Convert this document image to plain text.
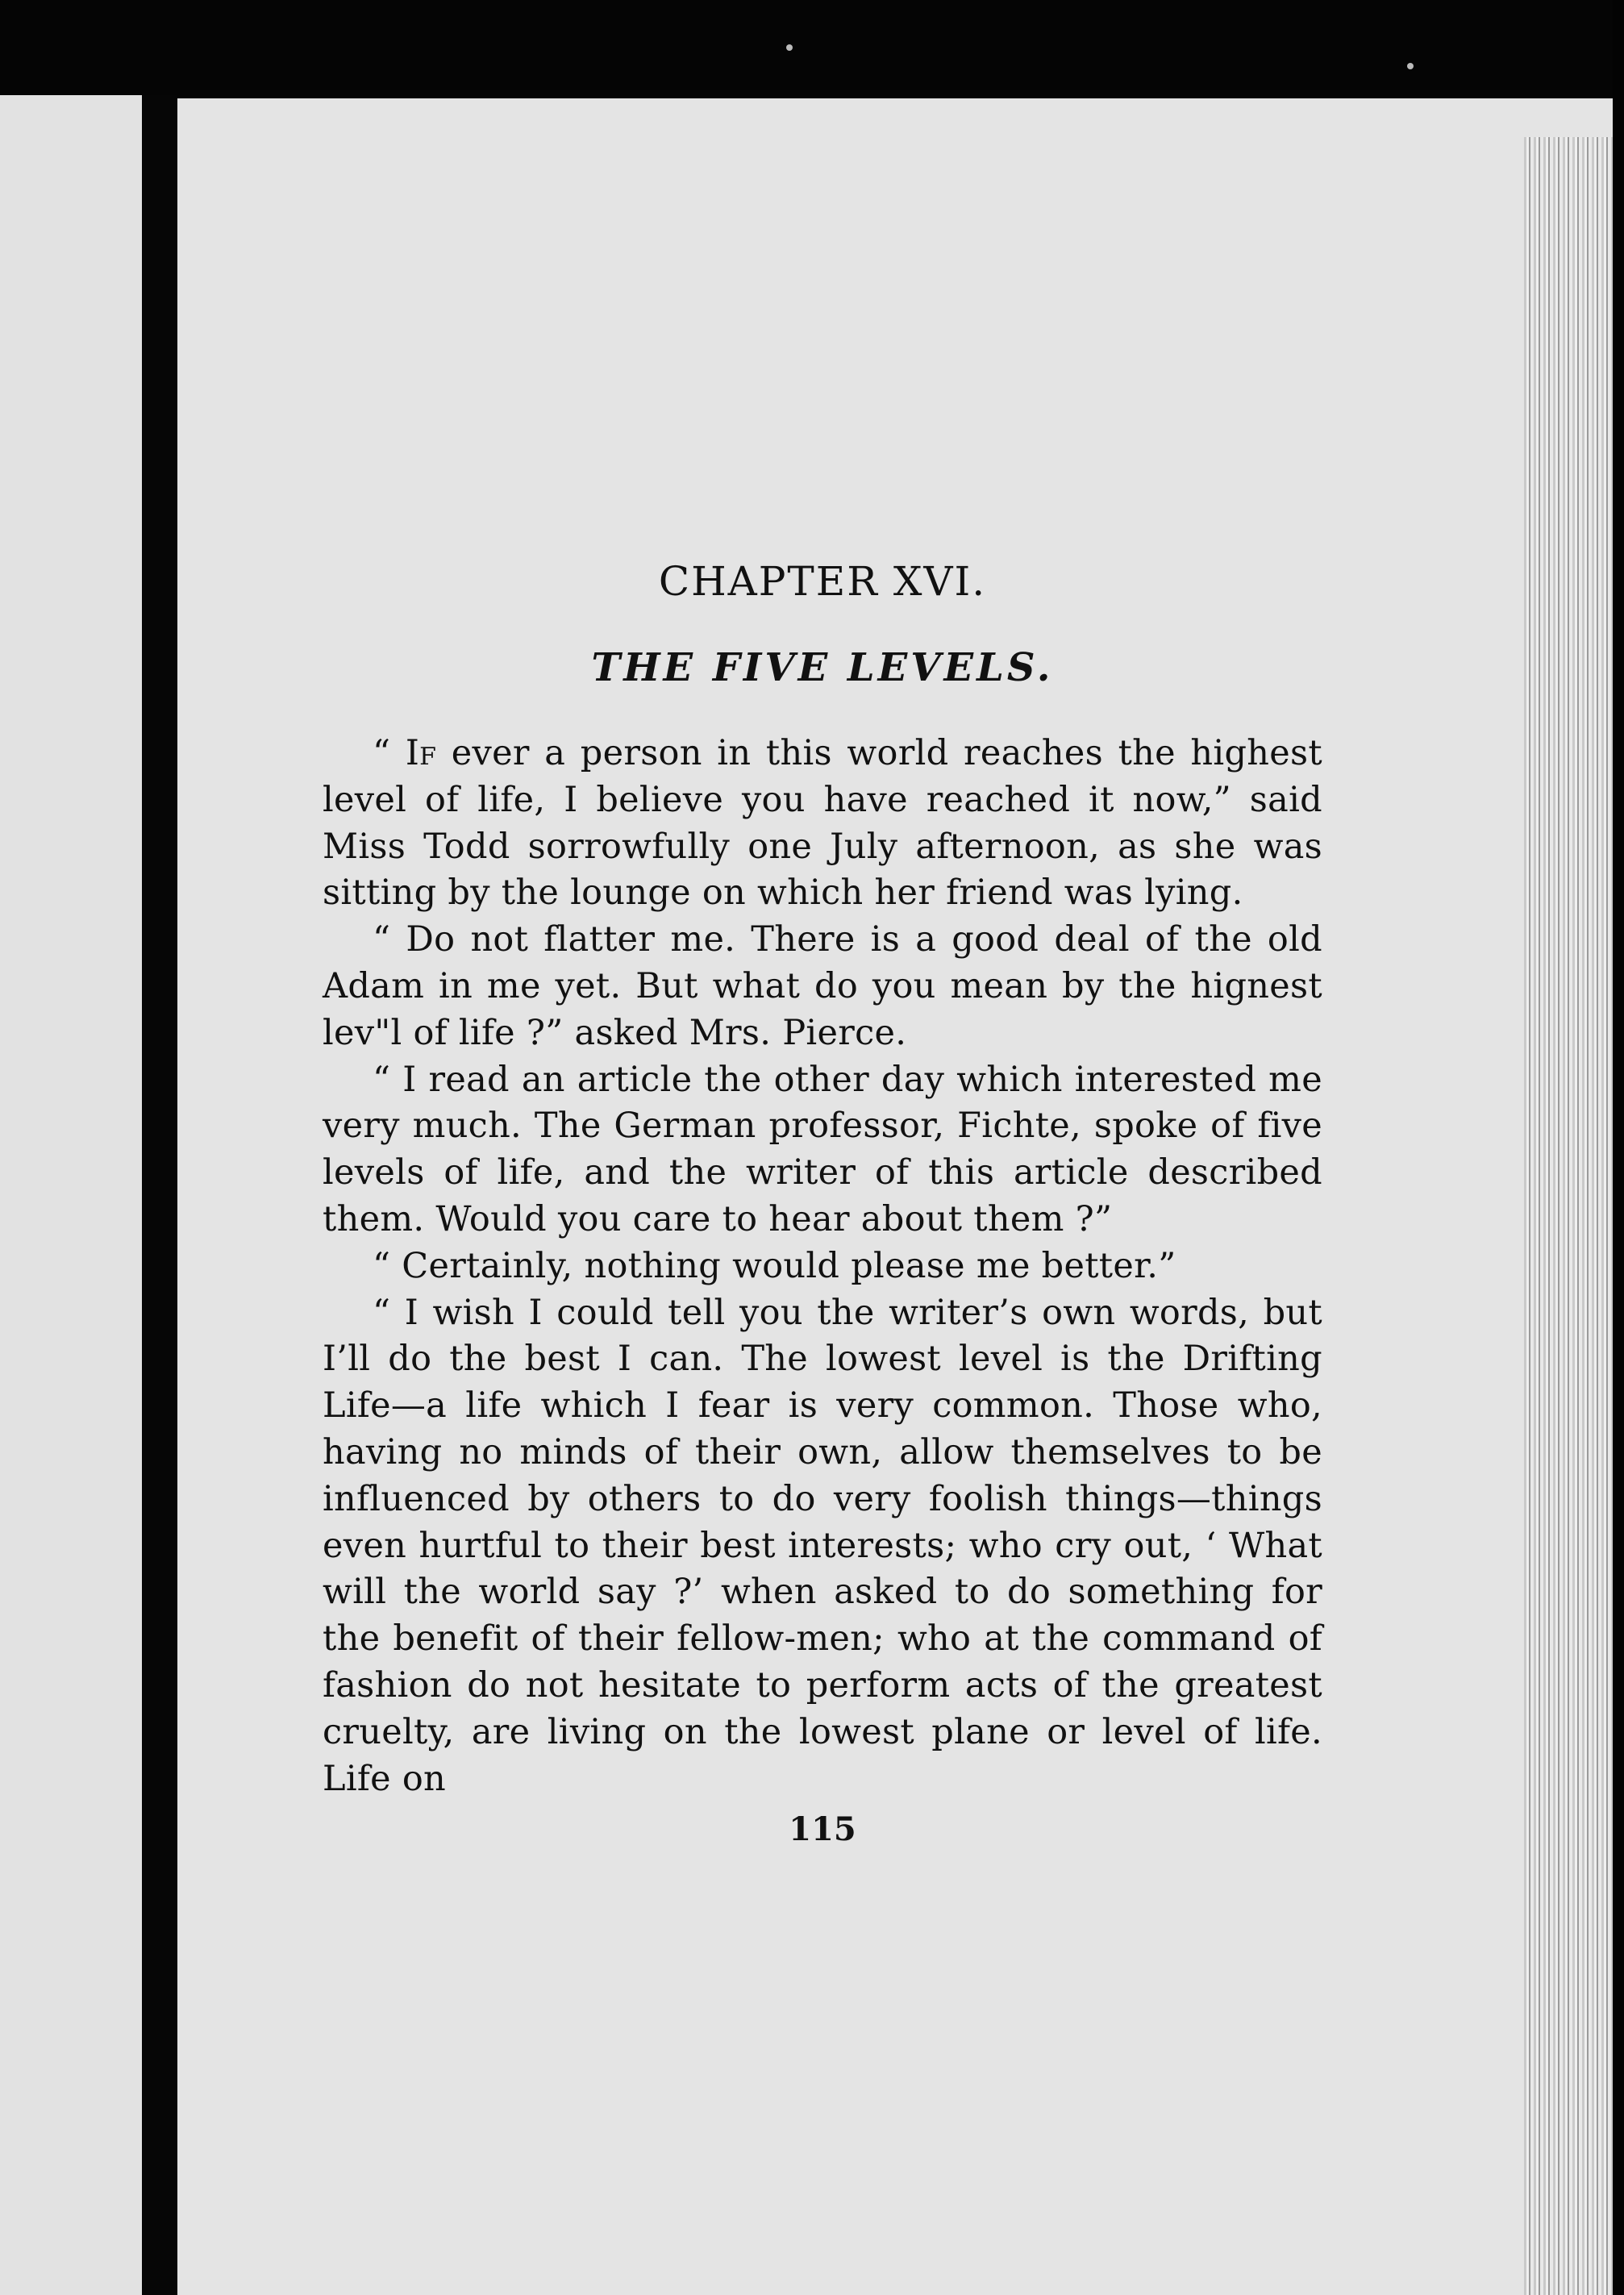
CHAPTER XVI.
THE FIVE LEVELS.

“ If ever a person in this world reaches the highest level of life, I believe you have reached it now,” said Miss Todd sorrowfully one July afternoon, as she was sitting by the lounge on which her friend was lying.

“ Do not flatter me. There is a good deal of the old Adam in me yet. But what do you mean by the hignest lev"l of life ?” asked Mrs. Pierce.

“ I read an article the other day which interested me very much. The German professor, Fichte, spoke of five levels of life, and the writer of this article described them. Would you care to hear about them ?”

“ Certainly, nothing would please me better.”

“ I wish I could tell you the writer’s own words, but I’ll do the best I can. The lowest level is the Drifting Life—a life which I fear is very common. Those who, having no minds of their own, allow themselves to be influenced by others to do very foolish things—things even hurtful to their best interests; who cry out, ‘ What will the world say ?’ when asked to do something for the benefit of their fellow-men; who at the command of fashion do not hesitate to perform acts of the greatest cruelty, are living on the lowest plane or level of life. Life on

115
